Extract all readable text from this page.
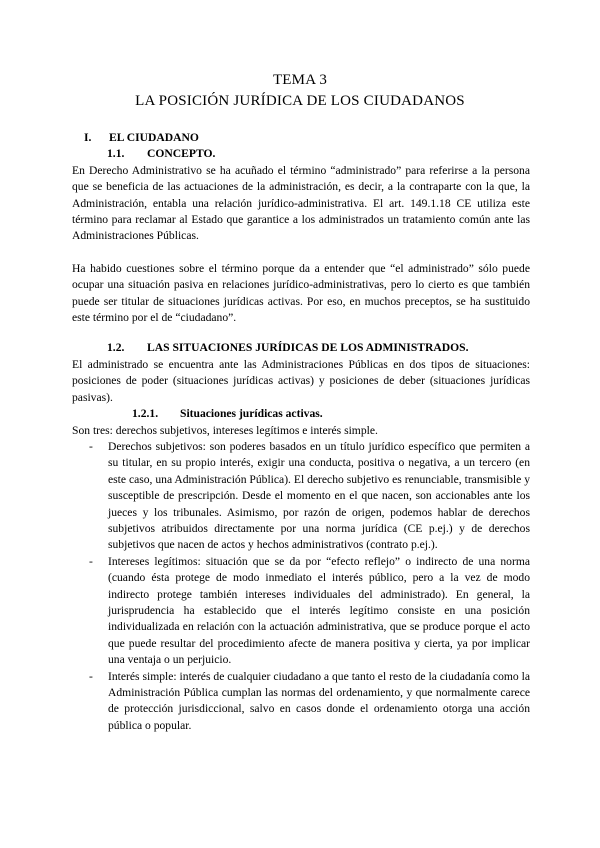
TEMA 3
LA POSICIÓN JURÍDICA DE LOS CIUDADANOS
I. EL CIUDADANO
1.1. CONCEPTO.

En Derecho Administrativo se ha acuñado el término “administrado” para referirse a la persona que se beneficia de las actuaciones de la administración, es decir, a la contraparte con la que, la Administración, entabla una relación jurídico-administrativa. El art. 149.1.18 CE utiliza este término para reclamar al Estado que garantice a los administrados un tratamiento común ante las Administraciones Públicas.

Ha habido cuestiones sobre el término porque da a entender que “el administrado” sólo puede ocupar una situación pasiva en relaciones jurídico-administrativas, pero lo cierto es que también puede ser titular de situaciones jurídicas activas. Por eso, en muchos preceptos, se ha sustituido este término por el de “ciudadano”.

1.2. LAS SITUACIONES JURÍDICAS DE LOS ADMINISTRADOS.

El administrado se encuentra ante las Administraciones Públicas en dos tipos de situaciones: posiciones de poder (situaciones jurídicas activas) y posiciones de deber (situaciones jurídicas pasivas).

1.2.1. Situaciones jurídicas activas.

Son tres: derechos subjetivos, intereses legítimos e interés simple.

- Derechos subjetivos: son poderes basados en un título jurídico específico que permiten a su titular, en su propio interés, exigir una conducta, positiva o negativa, a un tercero (en este caso, una Administración Pública). El derecho subjetivo es renunciable, transmisible y susceptible de prescripción. Desde el momento en el que nacen, son accionables ante los jueces y los tribunales. Asimismo, por razón de origen, podemos hablar de derechos subjetivos atribuidos directamente por una norma jurídica (CE p.ej.) y de derechos subjetivos que nacen de actos y hechos administrativos (contrato p.ej.).
- Intereses legítimos: situación que se da por “efecto reflejo” o indirecto de una norma (cuando ésta protege de modo inmediato el interés público, pero a la vez de modo indirecto protege también intereses individuales del administrado). En general, la jurisprudencia ha establecido que el interés legítimo consiste en una posición individualizada en relación con la actuación administrativa, que se produce porque el acto que puede resultar del procedimiento afecte de manera positiva y cierta, ya por implicar una ventaja o un perjuicio.
- Interés simple: interés de cualquier ciudadano a que tanto el resto de la ciudadanía como la Administración Pública cumplan las normas del ordenamiento, y que normalmente carece de protección jurisdiccional, salvo en casos donde el ordenamiento otorga una acción pública o popular.
